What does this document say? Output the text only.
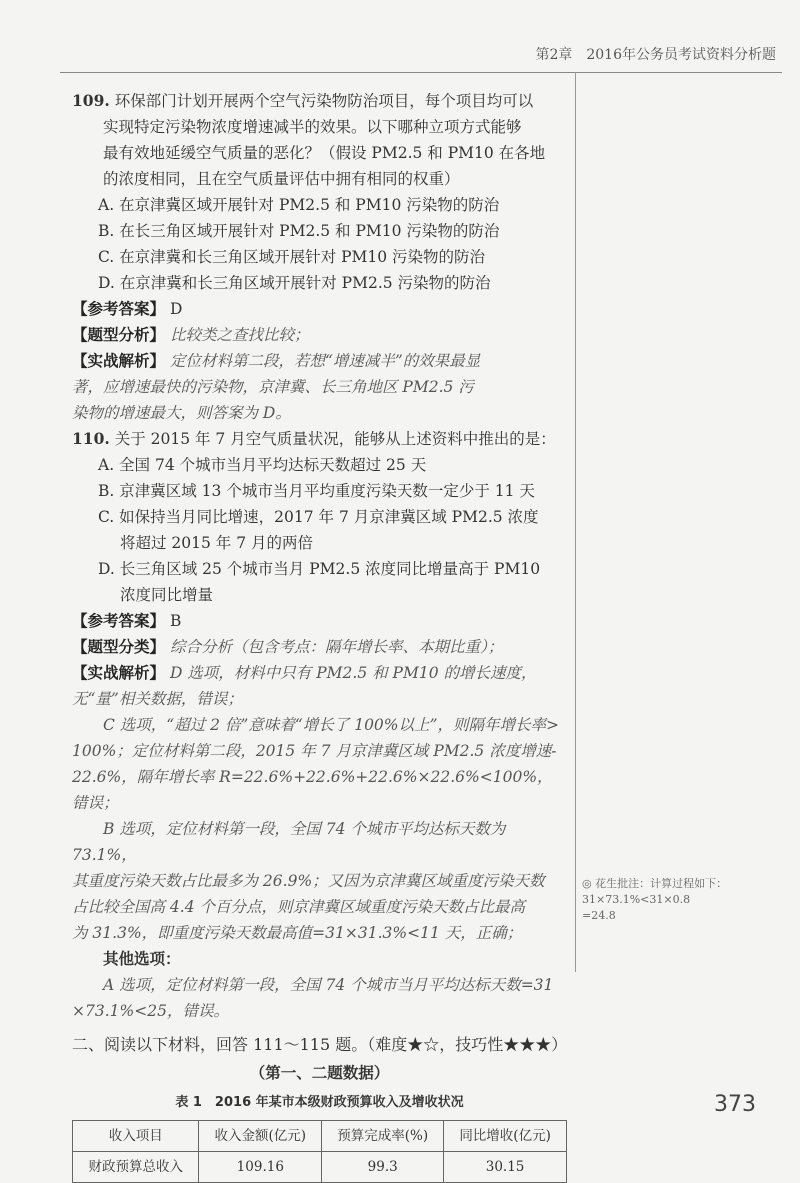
第2章　2016年公务员考试资料分析题

109. 环保部门计划开展两个空气污染物防治项目，每个项目均可以

实现特定污染物浓度增速减半的效果。以下哪种立项方式能够

最有效地延缓空气质量的恶化？（假设 PM2.5 和 PM10 在各地

的浓度相同，且在空气质量评估中拥有相同的权重）

A. 在京津冀区域开展针对 PM2.5 和 PM10 污染物的防治

B. 在长三角区域开展针对 PM2.5 和 PM10 污染物的防治

C. 在京津冀和长三角区域开展针对 PM10 污染物的防治

D. 在京津冀和长三角区域开展针对 PM2.5 污染物的防治

【参考答案】 D

【题型分析】 比较类之查找比较；

【实战解析】 定位材料第二段，若想“增速减半”的效果最显

著，应增速最快的污染物，京津冀、长三角地区 PM2.5 污

染物的增速最大，则答案为 D。

110. 关于 2015 年 7 月空气质量状况，能够从上述资料中推出的是：

A. 全国 74 个城市当月平均达标天数超过 25 天

B. 京津冀区域 13 个城市当月平均重度污染天数一定少于 11 天

C. 如保持当月同比增速，2017 年 7 月京津冀区域 PM2.5 浓度

将超过 2015 年 7 月的两倍

D. 长三角区域 25 个城市当月 PM2.5 浓度同比增量高于 PM10

浓度同比增量

【参考答案】 B

【题型分类】 综合分析（包含考点：隔年增长率、本期比重）；

【实战解析】 D 选项，材料中只有 PM2.5 和 PM10 的增长速度，

无“量”相关数据，错误；

C 选项，“超过 2 倍”意味着“增长了 100%以上”，则隔年增长率>

100%；定位材料第二段，2015 年 7 月京津冀区域 PM2.5 浓度增速-

22.6%，隔年增长率 R=22.6%+22.6%+22.6%×22.6%<100%，错误；

B 选项，定位材料第一段，全国 74 个城市平均达标天数为 73.1%，

其重度污染天数占比最多为 26.9%；又因为京津冀区域重度污染天数

占比较全国高 4.4 个百分点，则京津冀区域重度污染天数占比最高

为 31.3%，即重度污染天数最高值=31×31.3%<11 天，正确；

其他选项：

A 选项，定位材料第一段，全国 74 个城市当月平均达标天数=31

×73.1%<25，错误。

二、阅读以下材料，回答 111～115 题。（难度★☆，技巧性★★★）
（第一、二题数据）
表 1　2016 年某市本级财政预算收入及增收状况
收入项目	收入金额(亿元)	预算完成率(%)	同比增收(亿元)
财政预算总收入	109.16	99.3	30.15
◎ 花生批注：计算过程如下：
31×73.1%<31×0.8
=24.8
373
